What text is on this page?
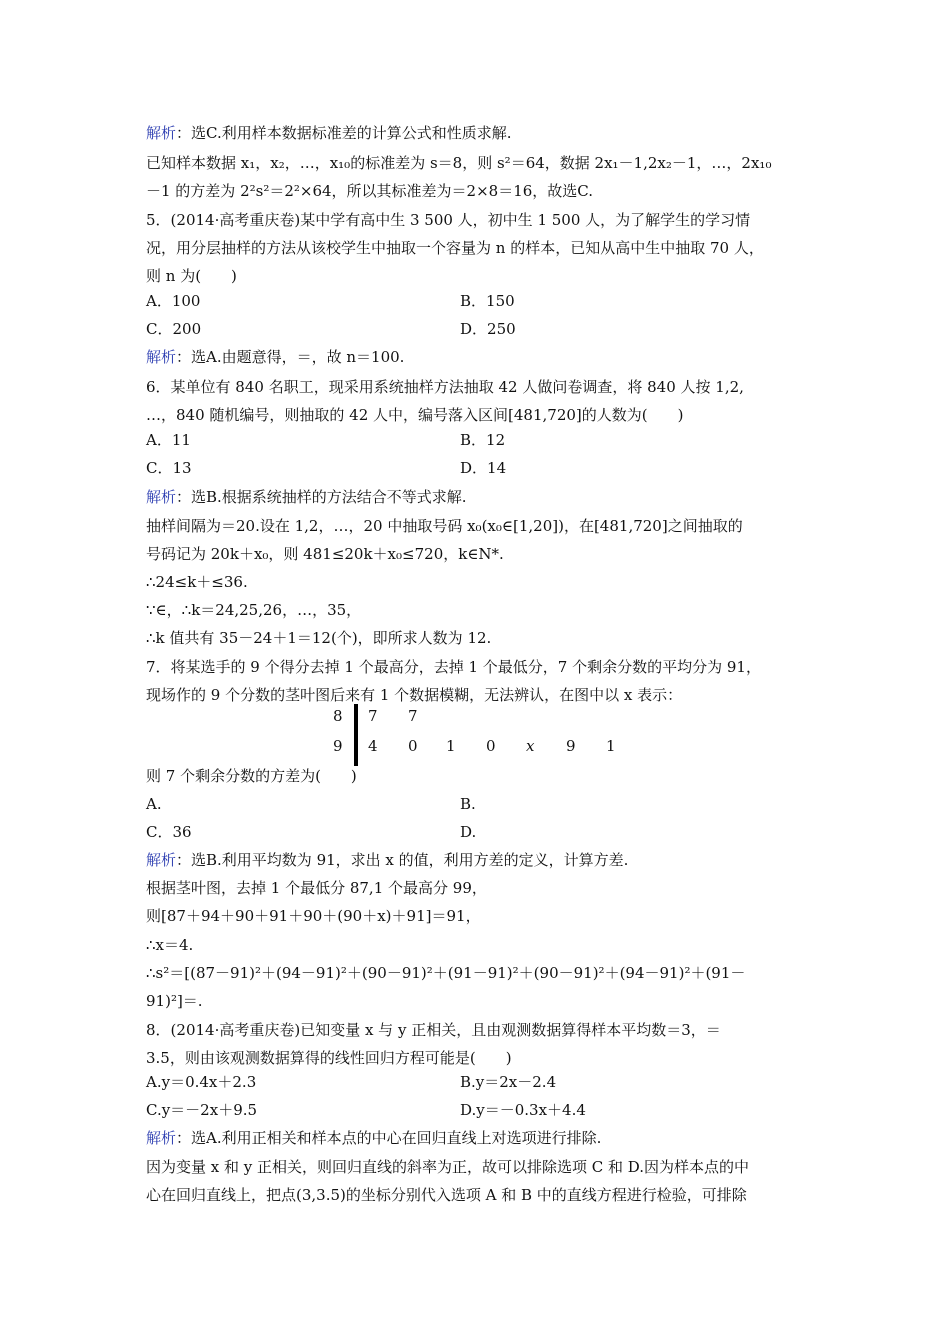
解析：选C.利用样本数据标准差的计算公式和性质求解.
已知样本数据 x₁，x₂，…，x₁₀的标准差为 s＝8，则 s²＝64，数据 2x₁－1,2x₂－1，…，2x₁₀
－1 的方差为 2²s²＝2²×64，所以其标准差为＝2×8＝16，故选C.
5．(2014·高考重庆卷)某中学有高中生 3 500 人，初中生 1 500 人，为了解学生的学习情
况，用分层抽样的方法从该校学生中抽取一个容量为 n 的样本，已知从高中生中抽取 70 人，
则 n 为(　　)
解析：选A.由题意得，＝，故 n＝100.
6．某单位有 840 名职工，现采用系统抽样方法抽取 42 人做问卷调查，将 840 人按 1,2,
…，840 随机编号，则抽取的 42 人中，编号落入区间[481,720]的人数为(　　)
解析：选B.根据系统抽样的方法结合不等式求解.
抽样间隔为＝20.设在 1,2，…，20 中抽取号码 x₀(x₀∈[1,20])，在[481,720]之间抽取的
号码记为 20k＋x₀，则 481≤20k＋x₀≤720，k∈N*.
∴24≤k＋≤36.
∵∈，∴k＝24,25,26，…，35，
∴k 值共有 35－24＋1＝12(个)，即所求人数为 12.
7．将某选手的 9 个得分去掉 1 个最高分，去掉 1 个最低分，7 个剩余分数的平均分为 91，
现场作的 9 个分数的茎叶图后来有 1 个数据模糊，无法辨认，在图中以 x 表示：
则 7 个剩余分数的方差为(　　)
解析：选B.利用平均数为 91，求出 x 的值，利用方差的定义，计算方差.
根据茎叶图，去掉 1 个最低分 87,1 个最高分 99，
则[87＋94＋90＋91＋90＋(90＋x)＋91]＝91，
∴x＝4.
∴s²＝[(87－91)²＋(94－91)²＋(90－91)²＋(91－91)²＋(90－91)²＋(94－91)²＋(91－
91)²]＝.
8．(2014·高考重庆卷)已知变量 x 与 y 正相关，且由观测数据算得样本平均数＝3，＝
3.5，则由该观测数据算得的线性回归方程可能是(　　)
解析：选A.利用正相关和样本点的中心在回归直线上对选项进行排除.
因为变量 x 和 y 正相关，则回归直线的斜率为正，故可以排除选项 C 和 D.因为样本点的中
心在回归直线上，把点(3,3.5)的坐标分别代入选项 A 和 B 中的直线方程进行检验，可排除
A．100	B．150
C．200	D．250
A．11	B．12
C．13	D．14
A.	B.
C．36	D.
A.y＝0.4x＋2.3	B.y＝2x－2.4
C.y＝－2x＋9.5	D.y＝－0.3x＋4.4
8 7 7
9 4 0 1 0 x 9 1
